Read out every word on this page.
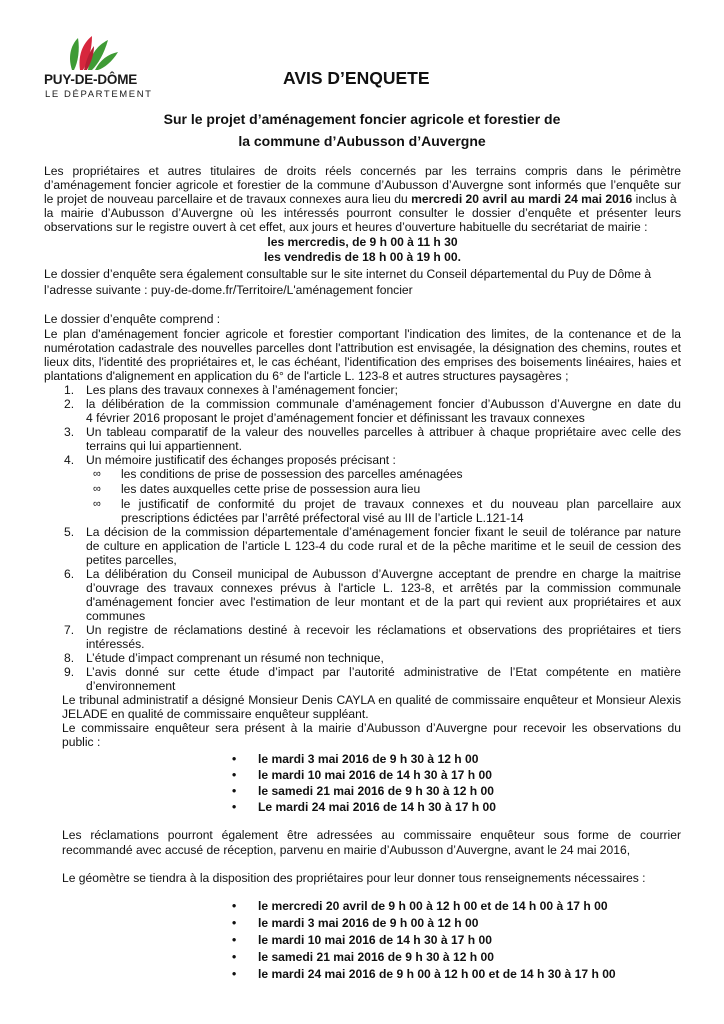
PUY-DE-DÔME
LE DÉPARTEMENT
AVIS D’ENQUETE
Sur le projet d’aménagement foncier agricole et forestier de
la commune d’Aubusson d’Auvergne

Les propriétaires et autres titulaires de droits réels concernés par les terrains compris dans le périmètre

d’aménagement foncier agricole et forestier de la commune d’Aubusson d’Auvergne sont informés que l’enquête sur

le projet de nouveau parcellaire et de travaux connexes aura lieu du mercredi 20 avril au mardi 24 mai 2016 inclus à

la mairie d’Aubusson d’Auvergne où les intéressés pourront consulter le dossier d’enquête et présenter leurs

observations sur le registre ouvert à cet effet, aux jours et heures d’ouverture habituelle du secrétariat de mairie :

les mercredis, de 9 h 00 à 11 h 30
les vendredis de 18 h 00 à 19 h 00.

Le dossier d’enquête sera également consultable sur le site internet du Conseil départemental du Puy de Dôme à

l’adresse suivante : puy-de-dome.fr/Territoire/L'aménagement foncier

Le dossier d’enquête comprend :

Le plan d'aménagement foncier agricole et forestier comportant l'indication des limites, de la contenance et de la

numérotation cadastrale des nouvelles parcelles dont l'attribution est envisagée, la désignation des chemins, routes et

lieux dits, l'identité des propriétaires et, le cas échéant, l'identification des emprises des boisements linéaires, haies et

plantations d'alignement en application du 6° de l'article L. 123-8 et autres structures paysagères ;

1. Les plans des travaux connexes à l’aménagement foncier;

2. la délibération de la commission communale d’aménagement foncier d’Aubusson d’Auvergne en date du

4 février 2016 proposant le projet d’aménagement foncier et définissant les travaux connexes

3. Un tableau comparatif de la valeur des nouvelles parcelles à attribuer à chaque propriétaire avec celle des

terrains qui lui appartiennent.

4. Un mémoire justificatif des échanges proposés précisant :

∞ les conditions de prise de possession des parcelles aménagées

∞ les dates auxquelles cette prise de possession aura lieu

∞ le justificatif de conformité du projet de travaux connexes et du nouveau plan parcellaire aux

prescriptions édictées par l’arrêté préfectoral visé au III de l’article L.121-14

5. La décision de la commission départementale d’aménagement foncier fixant le seuil de tolérance par nature

de culture en application de l’article L 123-4 du code rural et de la pêche maritime et le seuil de cession des

petites parcelles,

6. La délibération du Conseil municipal de Aubusson d’Auvergne acceptant de prendre en charge la maitrise

d’ouvrage des travaux connexes prévus à l'article L. 123-8, et arrêtés par la commission communale

d'aménagement foncier avec l'estimation de leur montant et de la part qui revient aux propriétaires et aux

communes

7. Un registre de réclamations destiné à recevoir les réclamations et observations des propriétaires et tiers

intéressés.

8. L’étude d’impact comprenant un résumé non technique,

9. L’avis donné sur cette étude d’impact par l’autorité administrative de l’Etat compétente en matière

d’environnement

Le tribunal administratif a désigné Monsieur Denis CAYLA en qualité de commissaire enquêteur et Monsieur Alexis

JELADE en qualité de commissaire enquêteur suppléant.

Le commissaire enquêteur sera présent à la mairie d’Aubusson d’Auvergne pour recevoir les observations du

public :

• le mardi 3 mai 2016 de 9 h 30 à 12 h 00
• le mardi 10 mai 2016 de 14 h 30 à 17 h 00
• le samedi 21 mai 2016 de 9 h 30 à 12 h 00
• Le mardi 24 mai 2016 de 14 h 30 à 17 h 00

Les réclamations pourront également être adressées au commissaire enquêteur sous forme de courrier

recommandé avec accusé de réception, parvenu en mairie d’Aubusson d’Auvergne, avant le 24 mai 2016,

Le géomètre se tiendra à la disposition des propriétaires pour leur donner tous renseignements nécessaires :

• le mercredi 20 avril de 9 h 00 à 12 h 00 et de 14 h 00 à 17 h 00
• le mardi 3 mai 2016 de 9 h 00 à 12 h 00
• le mardi 10 mai 2016 de 14 h 30 à 17 h 00
• le samedi 21 mai 2016 de 9 h 30 à 12 h 00
• le mardi 24 mai 2016 de 9 h 00 à 12 h 00 et de 14 h 30 à 17 h 00
